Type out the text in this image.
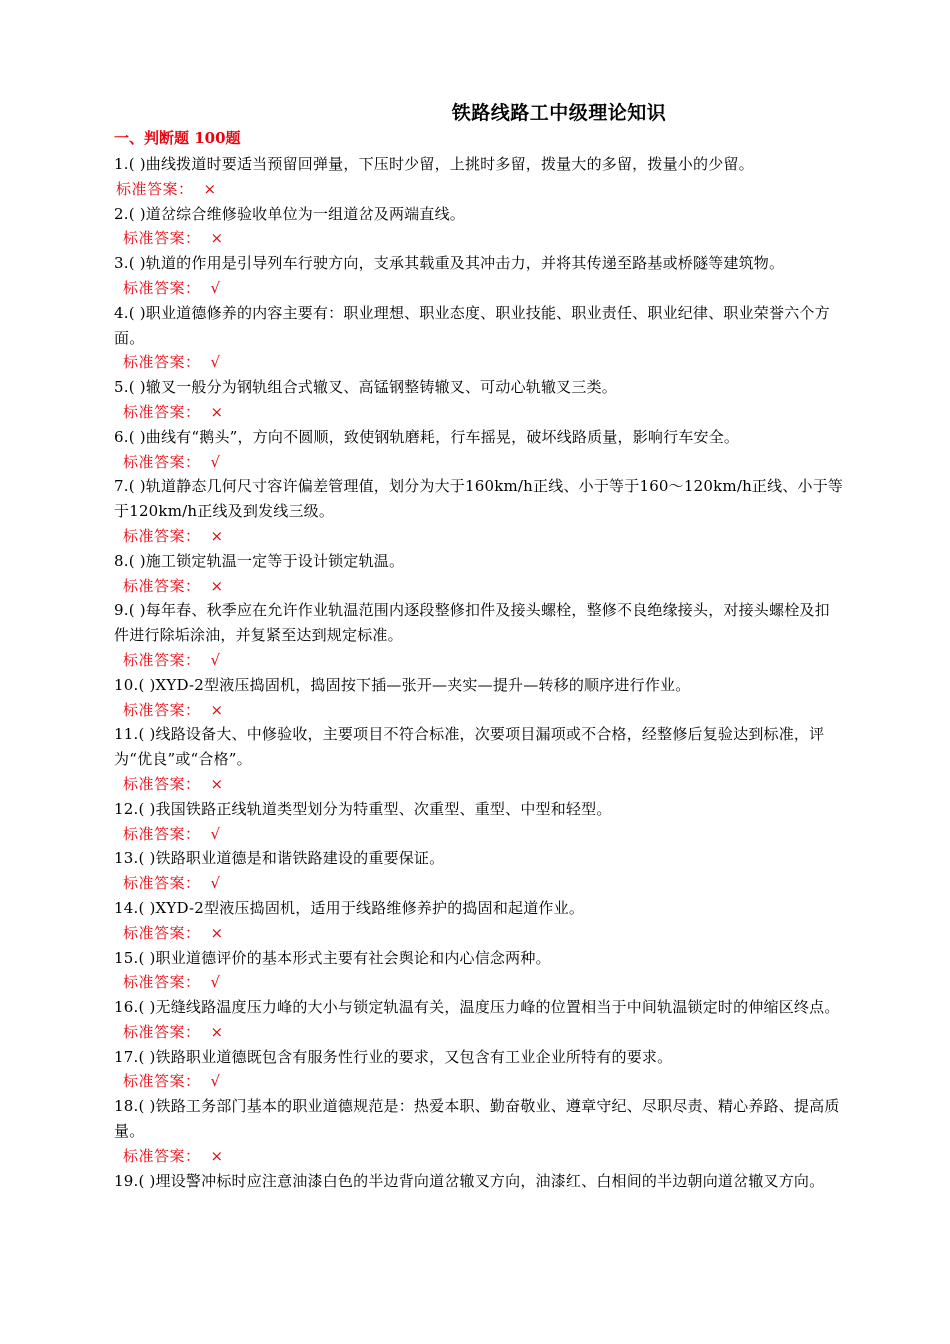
铁路线路工中级理论知识
一、判断题 100题

1.( )曲线拨道时要适当预留回弹量，下压时少留，上挑时多留，拨量大的多留，拨量小的少留。

标准答案： ×

2.( )道岔综合维修验收单位为一组道岔及两端直线。

标准答案： ×

3.( )轨道的作用是引导列车行驶方向，支承其载重及其冲击力，并将其传递至路基或桥隧等建筑物。

标准答案： √

4.( )职业道德修养的内容主要有：职业理想、职业态度、职业技能、职业责任、职业纪律、职业荣誉六个方面。

标准答案： √

5.( )辙叉一般分为钢轨组合式辙叉、高锰钢整铸辙叉、可动心轨辙叉三类。

标准答案： ×

6.( )曲线有“鹅头”，方向不圆顺，致使钢轨磨耗，行车摇晃，破坏线路质量，影响行车安全。

标准答案： √

7.( )轨道静态几何尺寸容许偏差管理值，划分为大于160km/h正线、小于等于160～120km/h正线、小于等于120km/h正线及到发线三级。

标准答案： ×

8.( )施工锁定轨温一定等于设计锁定轨温。

标准答案： ×

9.( )每年春、秋季应在允许作业轨温范围内逐段整修扣件及接头螺栓，整修不良绝缘接头，对接头螺栓及扣件进行除垢涂油，并复紧至达到规定标准。

标准答案： √

10.( )XYD-2型液压捣固机，捣固按下插—张开—夹实—提升—转移的顺序进行作业。

标准答案： ×

11.( )线路设备大、中修验收，主要项目不符合标准，次要项目漏项或不合格，经整修后复验达到标准，评为“优良”或“合格”。

标准答案： ×

12.( )我国铁路正线轨道类型划分为特重型、次重型、重型、中型和轻型。

标准答案： √

13.( )铁路职业道德是和谐铁路建设的重要保证。

标准答案： √

14.( )XYD-2型液压捣固机，适用于线路维修养护的捣固和起道作业。

标准答案： ×

15.( )职业道德评价的基本形式主要有社会舆论和内心信念两种。

标准答案： √

16.( )无缝线路温度压力峰的大小与锁定轨温有关，温度压力峰的位置相当于中间轨温锁定时的伸缩区终点。

标准答案： ×

17.( )铁路职业道德既包含有服务性行业的要求，又包含有工业企业所特有的要求。

标准答案： √

18.( )铁路工务部门基本的职业道德规范是：热爱本职、勤奋敬业、遵章守纪、尽职尽责、精心养路、提高质量。

标准答案： ×

19.( )埋设警冲标时应注意油漆白色的半边背向道岔辙叉方向，油漆红、白相间的半边朝向道岔辙叉方向。
